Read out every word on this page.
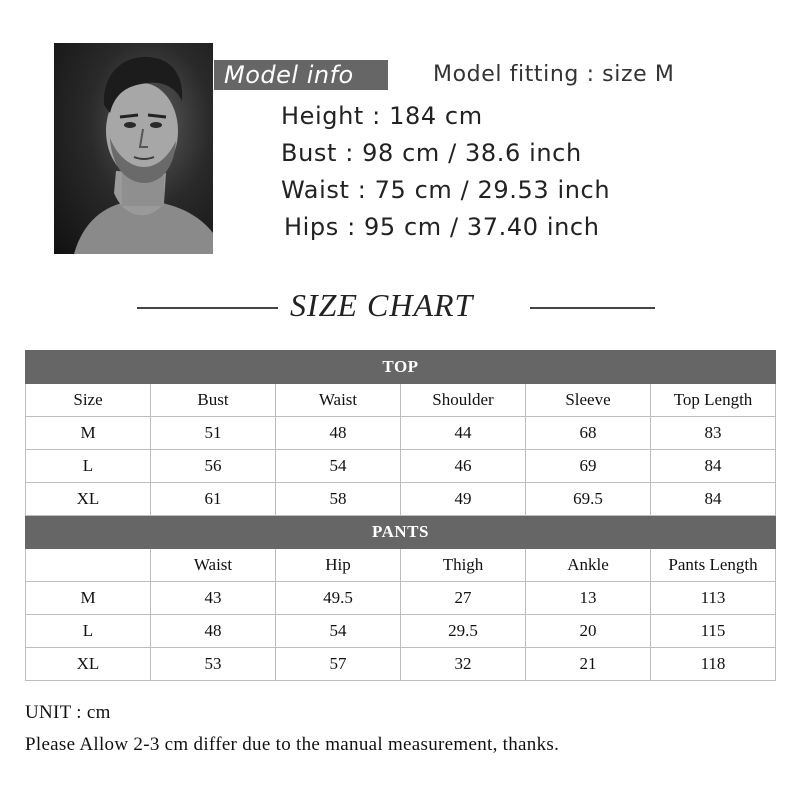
Model info	Model fitting : size M
Height : 184 cm
Bust : 98 cm / 38.6 inch
Waist : 75 cm / 29.53 inch
Hips : 95 cm / 37.40 inch
SIZE CHART
TOP					
Size	Bust	Waist	Shoulder	Sleeve	Top Length
M	51	48	44	68	83
L	56	54	46	69	84
XL	61	58	49	69.5	84
PANTS					
	Waist	Hip	Thigh	Ankle	Pants Length
M	43	49.5	27	13	113
L	48	54	29.5	20	115
XL	53	57	32	21	118
UNIT : cm
Please Allow 2-3 cm differ due to the manual measurement, thanks.
